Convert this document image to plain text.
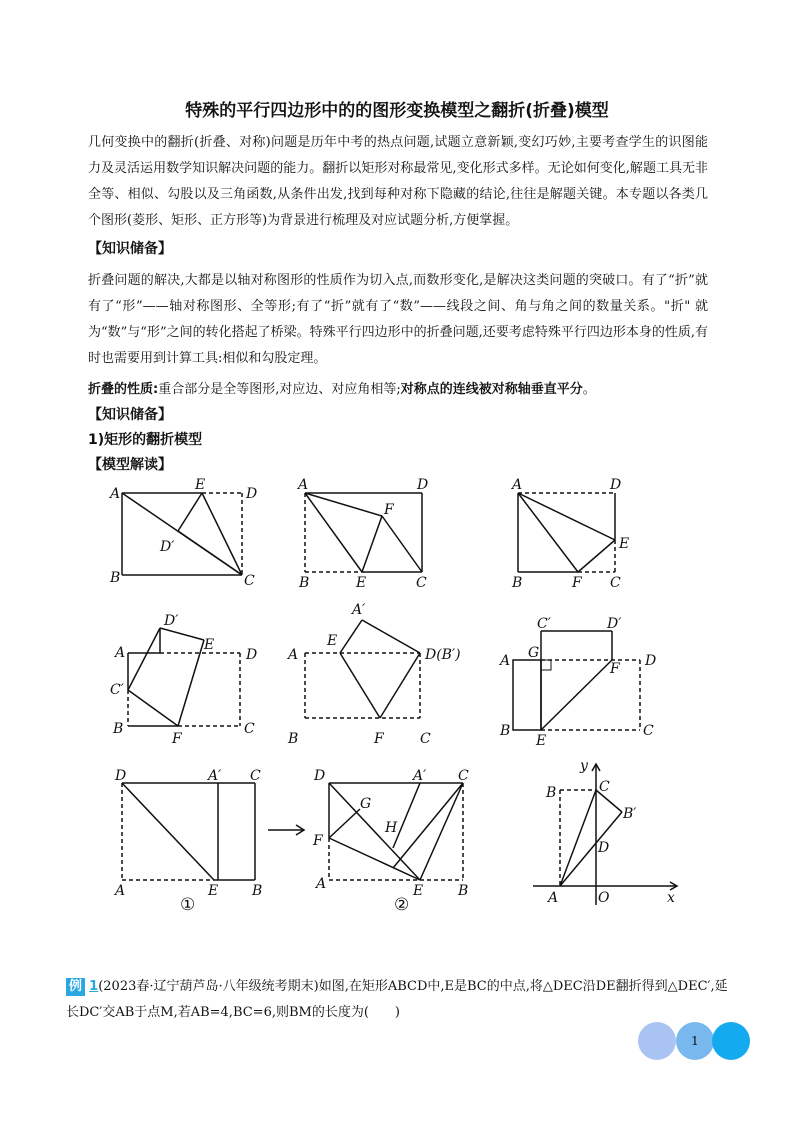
特殊的平行四边形中的的图形变换模型之翻折(折叠)模型
几何变换中的翻折(折叠、对称)问题是历年中考的热点问题,试题立意新颖,变幻巧妙,主要考查学生的识图能力及灵活运用数学知识解决问题的能力。翻折以矩形对称最常见,变化形式多样。无论如何变化,解题工具无非全等、相似、勾股以及三角函数,从条件出发,找到每种对称下隐藏的结论,往往是解题关键。本专题以各类几个图形(菱形、矩形、正方形等)为背景进行梳理及对应试题分析,方便掌握。
【知识储备】
折叠问题的解决,大都是以轴对称图形的性质作为切入点,而数形变化,是解决这类问题的突破口。有了“折”就有了“形”——轴对称图形、全等形;有了“折”就有了“数”——线段之间、角与角之间的数量关系。"折" 就为“数”与“形”之间的转化搭起了桥梁。特殊平行四边形中的折叠问题,还要考虑特殊平行四边形本身的性质,有时也需要用到计算工具:相似和勾股定理。
折叠的性质:重合部分是全等图形,对应边、对应角相等;对称点的连线被对称轴垂直平分。
【知识储备】
1)矩形的翻折模型
【模型解读】
A
E
D
D′
B	C
A	D
F
B	E	C
A	D
E
B	F C
D′
E
A	D
C′
B
F
C
A′
E
A	D(B′)
B	F	C
C′	D′
G
A	D
F
B
E
C
D	A′ C
A	E B
①
D	A′ C
G
H
F
A	E B
②
y
B	C
B′
D
A	O	x
例 1(2023春·辽宁葫芦岛·八年级统考期末)如图,在矩形ABCD中,E是BC的中点,将△DEC沿DE翻折得到△DEC′,延长DC′交AB于点M,若AB=4,BC=6,则BM的长度为(　　)
1
